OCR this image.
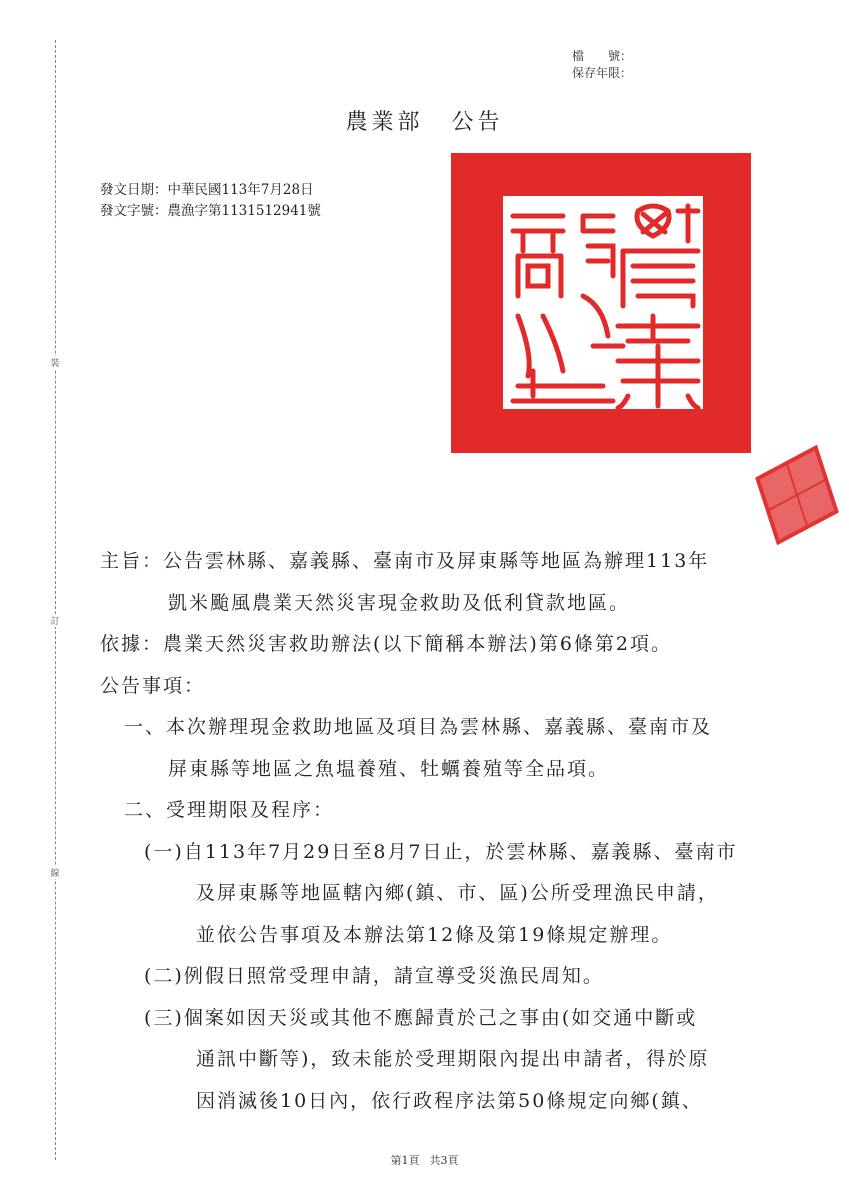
裝
訂
線
檔　　號：
保存年限：
農業部 公告
發文日期：中華民國113年7月28日
發文字號：農漁字第1131512941號
主旨：公告雲林縣、嘉義縣、臺南市及屏東縣等地區為辦理113年
凱米颱風農業天然災害現金救助及低利貸款地區。
依據：農業天然災害救助辦法(以下簡稱本辦法)第6條第2項。
公告事項：
一、本次辦理現金救助地區及項目為雲林縣、嘉義縣、臺南市及
屏東縣等地區之魚塭養殖、牡蠣養殖等全品項。
二、受理期限及程序：
(一)自113年7月29日至8月7日止，於雲林縣、嘉義縣、臺南市
及屏東縣等地區轄內鄉(鎮、市、區)公所受理漁民申請，
並依公告事項及本辦法第12條及第19條規定辦理。
(二)例假日照常受理申請，請宣導受災漁民周知。
(三)個案如因天災或其他不應歸責於己之事由(如交通中斷或
通訊中斷等)，致未能於受理期限內提出申請者，得於原
因消滅後10日內，依行政程序法第50條規定向鄉(鎮、
第1頁 共3頁
